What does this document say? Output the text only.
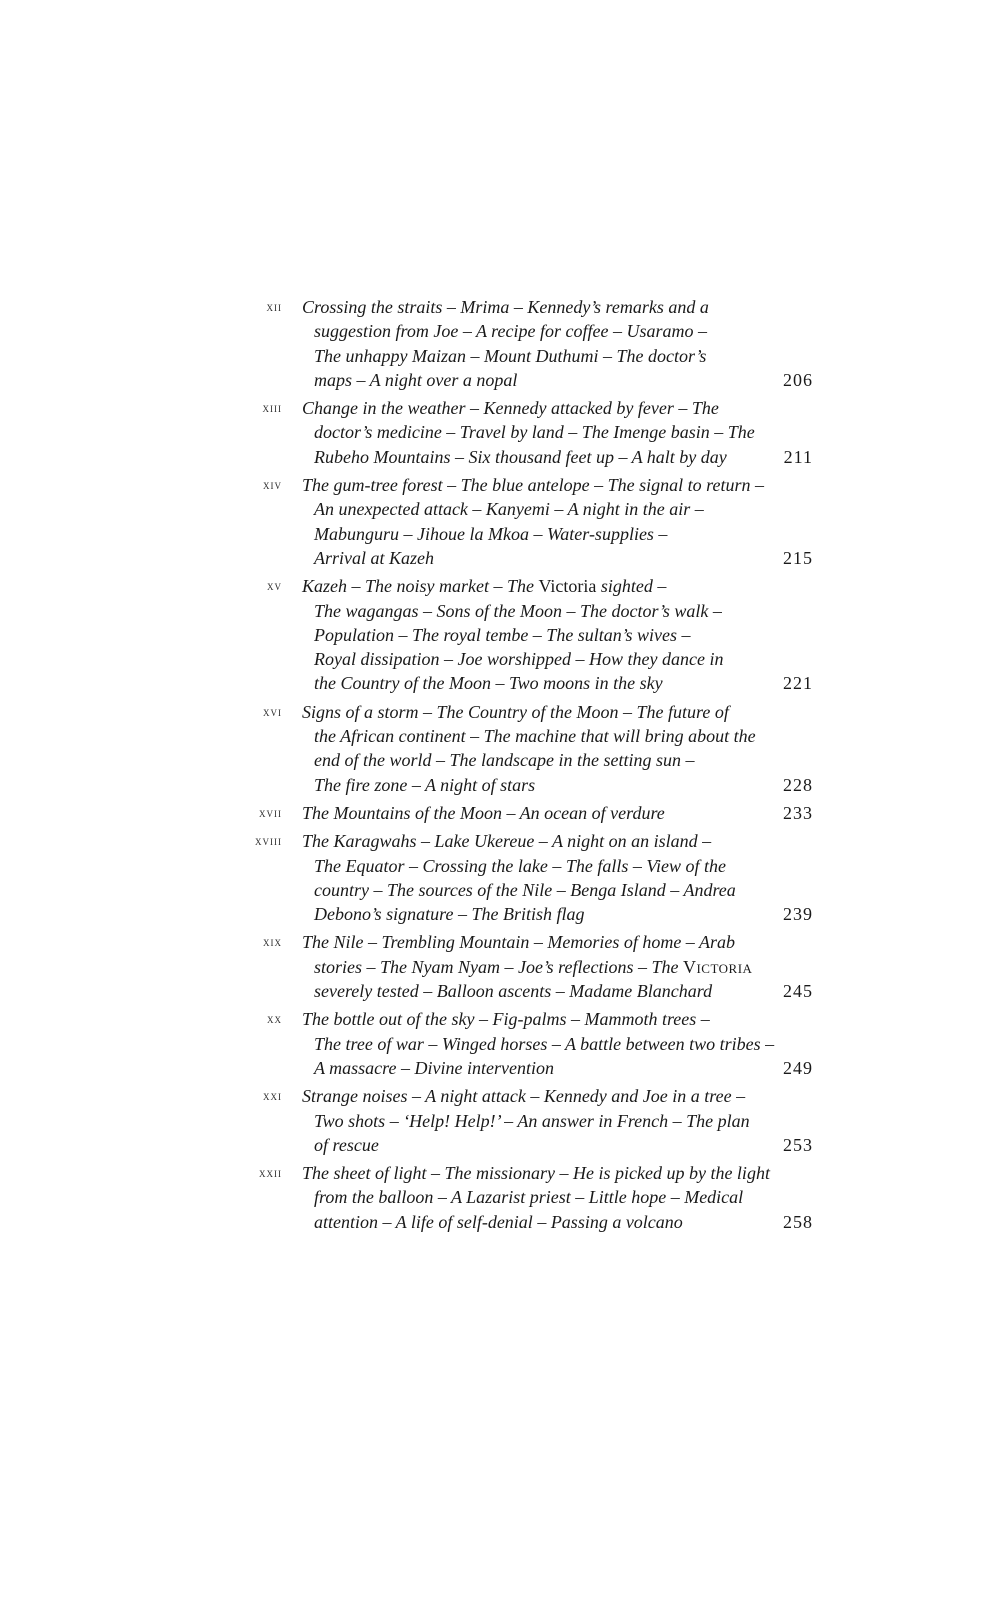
xii Crossing the straits – Mrima – Kennedy’s remarks and a
suggestion from Joe – A recipe for coffee – Usaramo –
The unhappy Maizan – Mount Duthumi – The doctor’s
maps – A night over a nopal	206
xiii Change in the weather – Kennedy attacked by fever – The
doctor’s medicine – Travel by land – The Imenge basin – The
Rubeho Mountains – Six thousand feet up – A halt by day	211
xiv The gum-tree forest – The blue antelope – The signal to return –
An unexpected attack – Kanyemi – A night in the air –
Mabunguru – Jihoue la Mkoa – Water-supplies –
Arrival at Kazeh	215
xv Kazeh – The noisy market – The Victoria sighted –
The wagangas – Sons of the Moon – The doctor’s walk –
Population – The royal tembe – The sultan’s wives –
Royal dissipation – Joe worshipped – How they dance in
the Country of the Moon – Two moons in the sky	221
xvi Signs of a storm – The Country of the Moon – The future of
the African continent – The machine that will bring about the
end of the world – The landscape in the setting sun –
The fire zone – A night of stars	228
xvii The Mountains of the Moon – An ocean of verdure	233
xviii The Karagwahs – Lake Ukereue – A night on an island –
The Equator – Crossing the lake – The falls – View of the
country – The sources of the Nile – Benga Island – Andrea
Debono’s signature – The British flag	239
xix The Nile – Trembling Mountain – Memories of home – Arab
stories – The Nyam Nyam – Joe’s reflections – The Victoria
severely tested – Balloon ascents – Madame Blanchard	245
xx The bottle out of the sky – Fig-palms – Mammoth trees –
The tree of war – Winged horses – A battle between two tribes –
A massacre – Divine intervention	249
xxi Strange noises – A night attack – Kennedy and Joe in a tree –
Two shots – ‘Help! Help!’ – An answer in French – The plan
of rescue	253
xxii The sheet of light – The missionary – He is picked up by the light
from the balloon – A Lazarist priest – Little hope – Medical
attention – A life of self-denial – Passing a volcano	258
